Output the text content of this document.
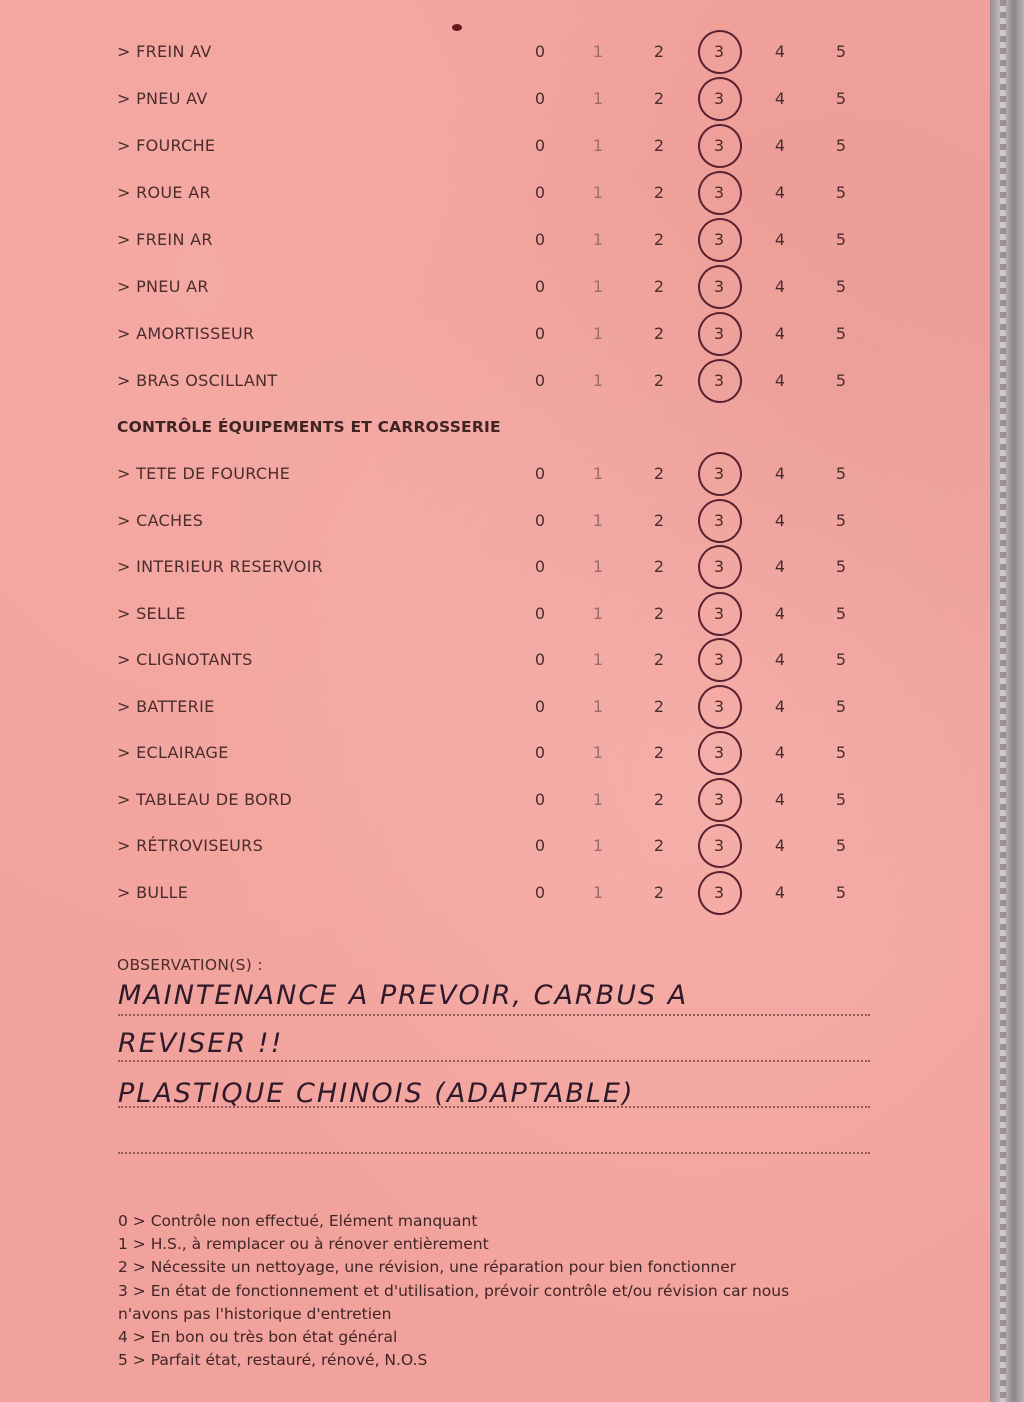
> FREIN AV	0	1	2	3	4	5
> PNEU AV	0	1	2	3	4	5
> FOURCHE	0	1	2	3	4	5
> ROUE AR	0	1	2	3	4	5
> FREIN AR	0	1	2	3	4	5
> PNEU AR	0	1	2	3	4	5
> AMORTISSEUR	0	1	2	3	4	5
> BRAS OSCILLANT	0	1	2	3	4	5
CONTRÔLE ÉQUIPEMENTS ET CARROSSERIE
> TETE DE FOURCHE	0	1	2	3	4	5
> CACHES	0	1	2	3	4	5
> INTERIEUR RESERVOIR	0	1	2	3	4	5
> SELLE	0	1	2	3	4	5
> CLIGNOTANTS	0	1	2	3	4	5
> BATTERIE	0	1	2	3	4	5
> ECLAIRAGE	0	1	2	3	4	5
> TABLEAU DE BORD	0	1	2	3	4	5
> RÉTROVISEURS	0	1	2	3	4	5
> BULLE	0	1	2	3	4	5
OBSERVATION(S) :
MAINTENANCE A PREVOIR, CARBUS A
REVISER !!
PLASTIQUE CHINOIS (ADAPTABLE)
0 > Contrôle non effectué, Elément manquant
1 > H.S., à remplacer ou à rénover entièrement
2 > Nécessite un nettoyage, une révision, une réparation pour bien fonctionner
3 > En état de fonctionnement et d'utilisation, prévoir contrôle et/ou révision car nous
n'avons pas l'historique d'entretien
4 > En bon ou très bon état général
5 > Parfait état, restauré, rénové, N.O.S
